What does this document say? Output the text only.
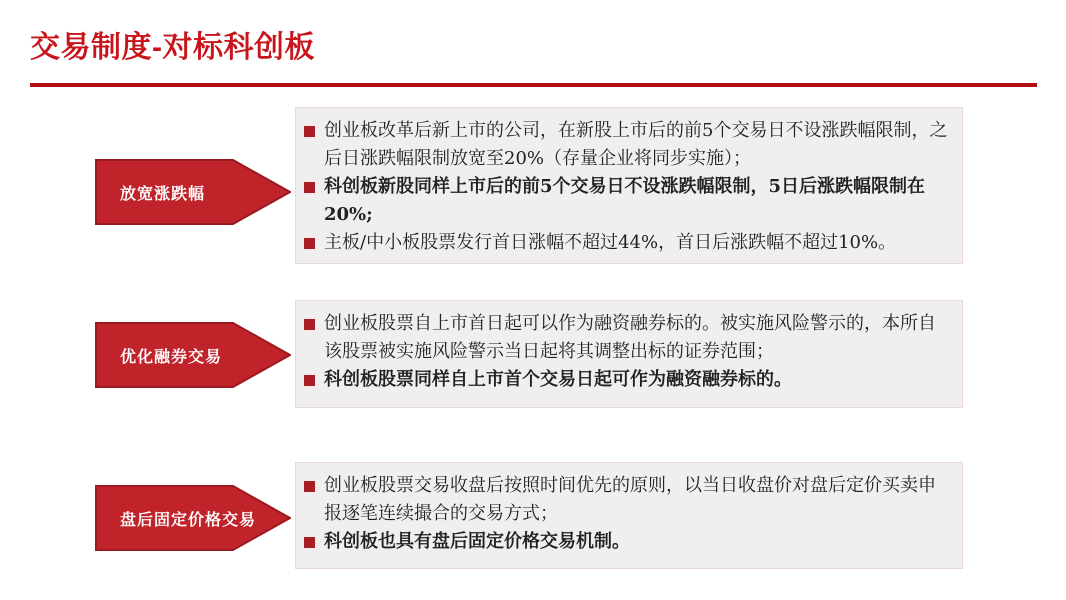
交易制度-对标科创板
放宽涨跌幅
创业板改革后新上市的公司，在新股上市后的前5个交易日不设涨跌幅限制，之后日涨跌幅限制放宽至20%（存量企业将同步实施）；
科创板新股同样上市后的前5个交易日不设涨跌幅限制，5日后涨跌幅限制在20%;
主板/中小板股票发行首日涨幅不超过44%，首日后涨跌幅不超过10%。
优化融券交易
创业板股票自上市首日起可以作为融资融券标的。被实施风险警示的，本所自该股票被实施风险警示当日起将其调整出标的证券范围；
科创板股票同样自上市首个交易日起可作为融资融券标的。
盘后固定价格交易
创业板股票交易收盘后按照时间优先的原则，以当日收盘价对盘后定价买卖申报逐笔连续撮合的交易方式；
科创板也具有盘后固定价格交易机制。
